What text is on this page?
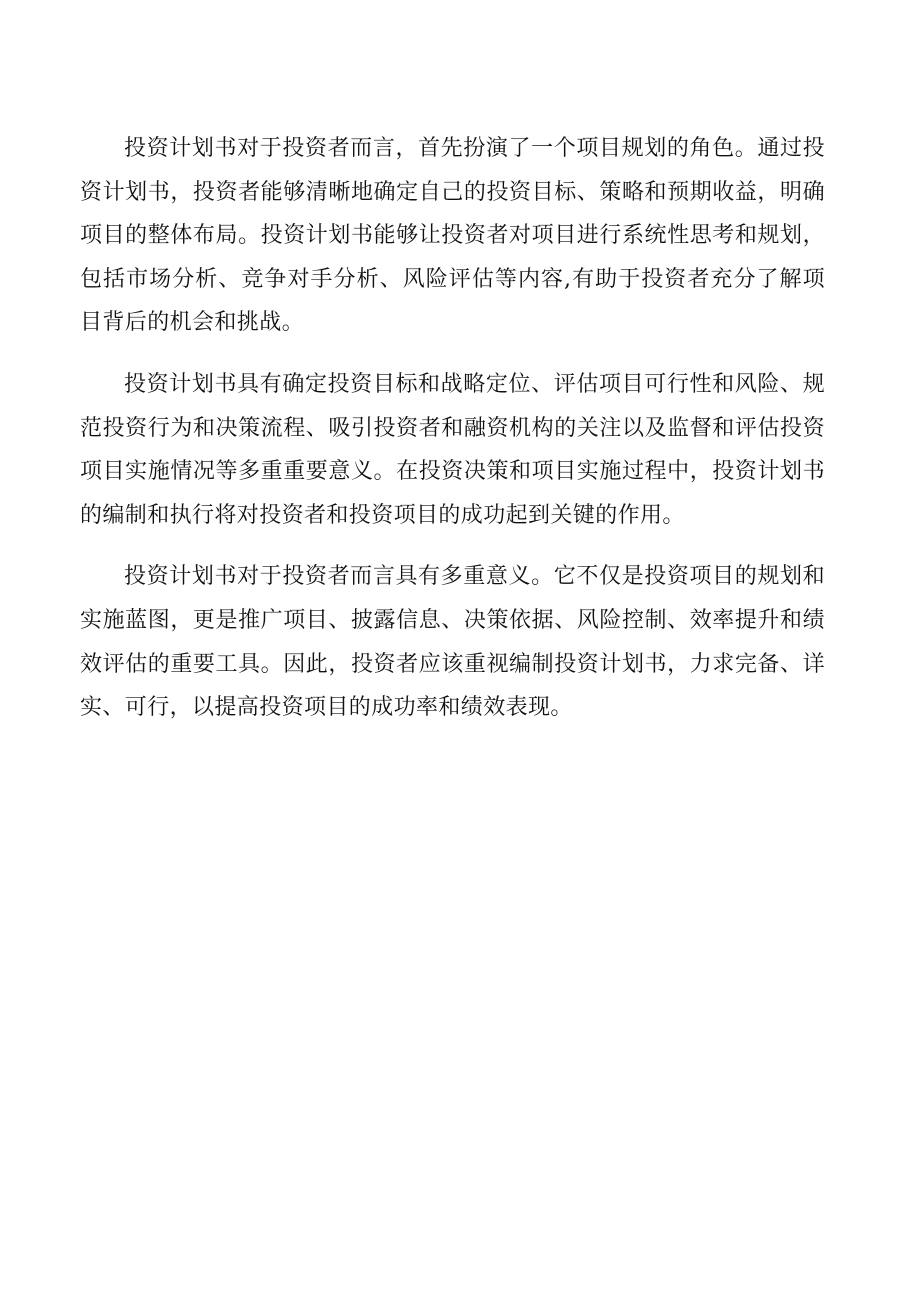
投资计划书对于投资者而言，首先扮演了一个项目规划的角色。通过投资计划书，投资者能够清晰地确定自己的投资目标、策略和预期收益，明确项目的整体布局。投资计划书能够让投资者对项目进行系统性思考和规划，包括市场分析、竞争对手分析、风险评估等内容,有助于投资者充分了解项目背后的机会和挑战。

投资计划书具有确定投资目标和战略定位、评估项目可行性和风险、规范投资行为和决策流程、吸引投资者和融资机构的关注以及监督和评估投资项目实施情况等多重重要意义。在投资决策和项目实施过程中，投资计划书的编制和执行将对投资者和投资项目的成功起到关键的作用。

投资计划书对于投资者而言具有多重意义。它不仅是投资项目的规划和实施蓝图，更是推广项目、披露信息、决策依据、风险控制、效率提升和绩效评估的重要工具。因此，投资者应该重视编制投资计划书，力求完备、详实、可行，以提高投资项目的成功率和绩效表现。
